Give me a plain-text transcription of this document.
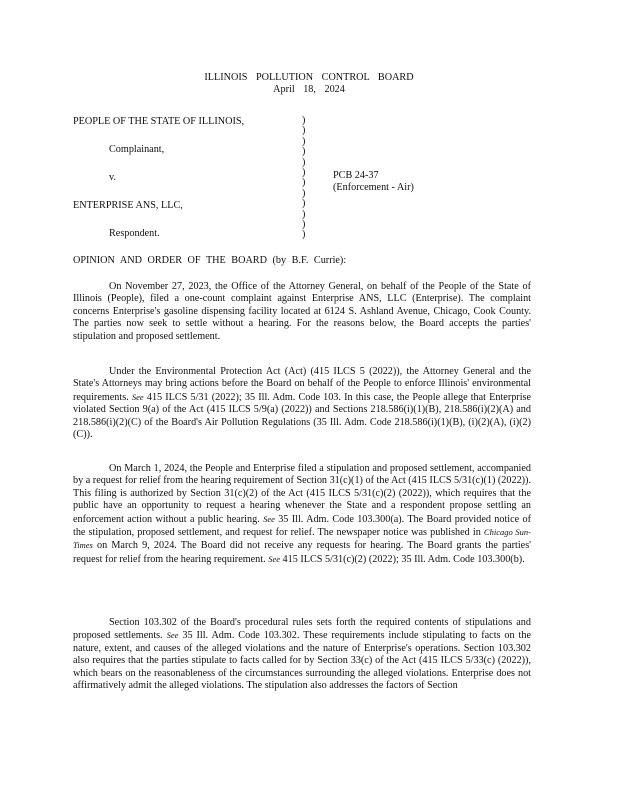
ILLINOIS POLLUTION CONTROL BOARD
April 18, 2024
PEOPLE OF THE STATE OF ILLINOIS,
Complainant,
v.
ENTERPRISE ANS, LLC,
Respondent.
)
)
)
)
)
)
)
)
)
)
)
)
PCB 24-37
(Enforcement - Air)
OPINION AND ORDER OF THE BOARD (by B.F. Currie):

On November 27, 2023, the Office of the Attorney General, on behalf of the People of the State of Illinois (People), filed a one-count complaint against Enterprise ANS, LLC (Enterprise). The complaint concerns Enterprise's gasoline dispensing facility located at 6124 S. Ashland Avenue, Chicago, Cook County. The parties now seek to settle without a hearing. For the reasons below, the Board accepts the parties' stipulation and proposed settlement.

Under the Environmental Protection Act (Act) (415 ILCS 5 (2022)), the Attorney General and the State's Attorneys may bring actions before the Board on behalf of the People to enforce Illinois' environmental requirements. See 415 ILCS 5/31 (2022); 35 Ill. Adm. Code 103. In this case, the People allege that Enterprise violated Section 9(a) of the Act (415 ILCS 5/9(a) (2022)) and Sections 218.586(i)(1)(B), 218.586(i)(2)(A) and 218.586(i)(2)(C) of the Board's Air Pollution Regulations (35 Ill. Adm. Code 218.586(i)(1)(B), (i)(2)(A), (i)(2)(C)).

On March 1, 2024, the People and Enterprise filed a stipulation and proposed settlement, accompanied by a request for relief from the hearing requirement of Section 31(c)(1) of the Act (415 ILCS 5/31(c)(1) (2022)). This filing is authorized by Section 31(c)(2) of the Act (415 ILCS 5/31(c)(2) (2022)), which requires that the public have an opportunity to request a hearing whenever the State and a respondent propose settling an enforcement action without a public hearing. See 35 Ill. Adm. Code 103.300(a). The Board provided notice of the stipulation, proposed settlement, and request for relief. The newspaper notice was published in Chicago Sun-Times on March 9, 2024. The Board did not receive any requests for hearing. The Board grants the parties' request for relief from the hearing requirement. See 415 ILCS 5/31(c)(2) (2022); 35 Ill. Adm. Code 103.300(b).

Section 103.302 of the Board's procedural rules sets forth the required contents of stipulations and proposed settlements. See 35 Ill. Adm. Code 103.302. These requirements include stipulating to facts on the nature, extent, and causes of the alleged violations and the nature of Enterprise's operations. Section 103.302 also requires that the parties stipulate to facts called for by Section 33(c) of the Act (415 ILCS 5/33(c) (2022)), which bears on the reasonableness of the circumstances surrounding the alleged violations. Enterprise does not affirmatively admit the alleged violations. The stipulation also addresses the factors of Section
